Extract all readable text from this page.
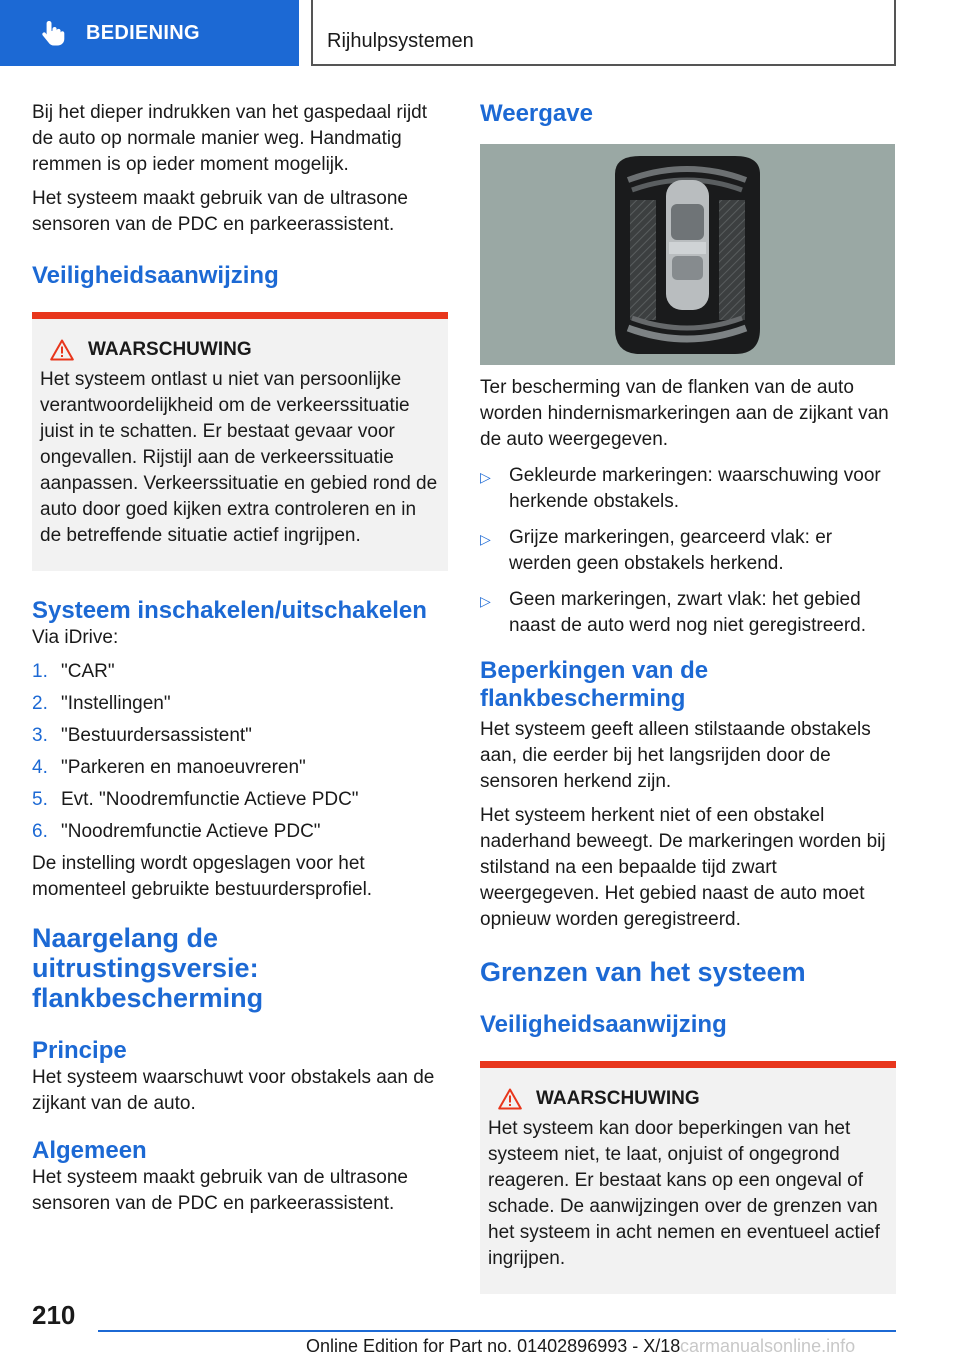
BEDIENING	Rijhulpsystemen

Bij het dieper indrukken van het gaspedaal rijdt de auto op normale manier weg. Handmatig remmen is op ieder moment mogelijk.

Het systeem maakt gebruik van de ultrasone sensoren van de PDC en parkeerassistent.

Veiligheidsaanwijzing
WAARSCHUWING

Het systeem ontlast u niet van persoonlijke verantwoordelijkheid om de verkeerssituatie juist in te schatten. Er bestaat gevaar voor ongevallen. Rijstijl aan de verkeerssituatie aanpassen. Verkeerssituatie en gebied rond de auto door goed kijken extra controleren en in de betreffende situatie actief ingrijpen.

Systeem inschakelen/uitschakelen

Via iDrive:

1. "CAR"
2. "Instellingen"
3. "Bestuurdersassistent"
4. "Parkeren en manoeuvreren"
5. Evt. "Noodremfunctie Actieve PDC"
6. "Noodremfunctie Actieve PDC"

De instelling wordt opgeslagen voor het momenteel gebruikte bestuurdersprofiel.

Naargelang de uitrustingsversie: flankbescherming
Principe

Het systeem waarschuwt voor obstakels aan de zijkant van de auto.

Algemeen

Het systeem maakt gebruik van de ultrasone sensoren van de PDC en parkeerassistent.

Weergave

Ter bescherming van de flanken van de auto worden hindernismarkeringen aan de zijkant van de auto weergegeven.

▷ Gekleurde markeringen: waarschuwing voor herkende obstakels.
▷ Grijze markeringen, gearceerd vlak: er werden geen obstakels herkend.
▷ Geen markeringen, zwart vlak: het gebied naast de auto werd nog niet geregistreerd.
Beperkingen van de flankbescherming

Het systeem geeft alleen stilstaande obstakels aan, die eerder bij het langsrijden door de sensoren herkend zijn.

Het systeem herkent niet of een obstakel naderhand beweegt. De markeringen worden bij stilstand na een bepaalde tijd zwart weergegeven. Het gebied naast de auto moet opnieuw worden geregistreerd.

Grenzen van het systeem
Veiligheidsaanwijzing
WAARSCHUWING

Het systeem kan door beperkingen van het systeem niet, te laat, onjuist of ongegrond reageren. Er bestaat kans op een ongeval of schade. De aanwijzingen over de grenzen van het systeem in acht nemen en eventueel actief ingrijpen.

210
Online Edition for Part no. 01402896993 - X/18 carmanualsonline.info
